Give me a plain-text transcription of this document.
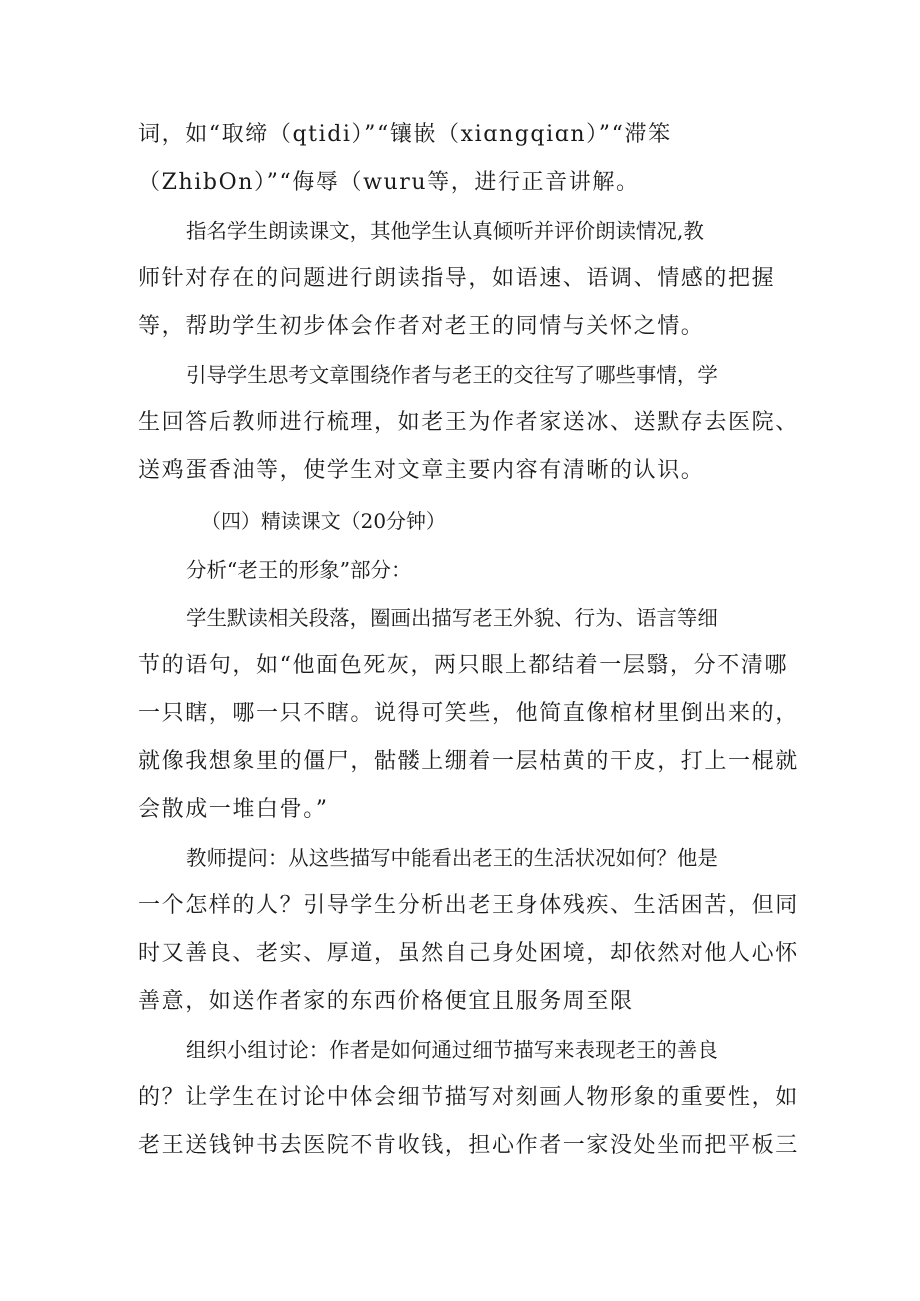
词，如“取缔（qtidi）”“镶嵌（xiɑngqiɑn）”“滞笨
（ZhibOn）”“侮辱（wuru等，进行正音讲解。
指名学生朗读课文，其他学生认真倾听并评价朗读情况,教
师针对存在的问题进行朗读指导，如语速、语调、情感的把握
等，帮助学生初步体会作者对老王的同情与关怀之情。
引导学生思考文章围绕作者与老王的交往写了哪些事情，学
生回答后教师进行梳理，如老王为作者家送冰、送默存去医院、
送鸡蛋香油等，使学生对文章主要内容有清晰的认识。
（四）精读课文（20分钟）
分析“老王的形象”部分：
学生默读相关段落，圈画出描写老王外貌、行为、语言等细
节的语句，如“他面色死灰，两只眼上都结着一层翳，分不清哪
一只瞎，哪一只不瞎。说得可笑些，他简直像棺材里倒出来的，
就像我想象里的僵尸，骷髅上绷着一层枯黄的干皮，打上一棍就
会散成一堆白骨。”
教师提问：从这些描写中能看出老王的生活状况如何？他是
一个怎样的人？引导学生分析出老王身体残疾、生活困苦，但同
时又善良、老实、厚道，虽然自己身处困境，却依然对他人心怀
善意，如送作者家的东西价格便宜且服务周至限
组织小组讨论：作者是如何通过细节描写来表现老王的善良
的？让学生在讨论中体会细节描写对刻画人物形象的重要性，如
老王送钱钟书去医院不肯收钱，担心作者一家没处坐而把平板三
